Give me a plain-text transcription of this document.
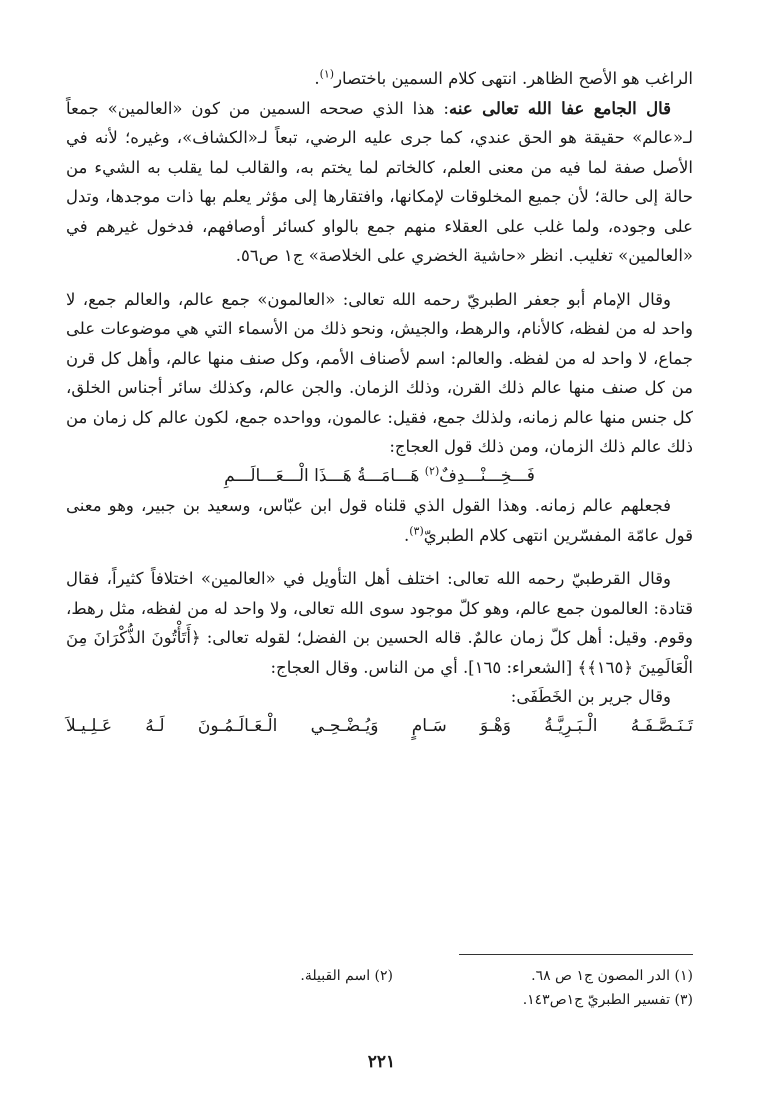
الراغب هو الأصح الظاهر. انتهى كلام السمين باختصار$^{(١)}$.

قال الجامع عفا الله تعالى عنه: هذا الذي صححه السمين من كون «العالمين» جمعاً لـ«عالم» حقيقة هو الحق عندي، كما جرى عليه الرضي، تبعاً لـ«الكشاف»، وغيره؛ لأنه في الأصل صفة لما فيه من معنى العلم، كالخاتم لما يختم به، والقالب لما يقلب به الشيء من حالة إلى حالة؛ لأن جميع المخلوقات لإمكانها، وافتقارها إلى مؤثر يعلم بها ذات موجدها، وتدل على وجوده، ولما غلب على العقلاء منهم جمع بالواو كسائر أوصافهم، فدخول غيرهم في «العالمين» تغليب. انظر «حاشية الخضري على الخلاصة» ج١ ص٥٦.

وقال الإمام أبو جعفر الطبريّ رحمه الله تعالى: «العالمون» جمع عالم، والعالم جمع، لا واحد له من لفظه، كالأنام، والرهط، والجيش، ونحو ذلك من الأسماء التي هي موضوعات على جماع، لا واحد له من لفظه. والعالم: اسم لأصناف الأمم، وكل صنف منها عالم، وأهل كل قرن من كل صنف منها عالم ذلك القرن، وذلك الزمان. والجن عالم، وكذلك سائر أجناس الخلق، كل جنس منها عالم زمانه، ولذلك جمع، فقيل: عالمون، وواحده جمع، لكون عالم كل زمان من ذلك عالم ذلك الزمان، ومن ذلك قول العجاج:

فَـــخِـــنْـــدِفٌ$^{(٢)}$ هَـــامَـــةُ هَـــذَا الْـــعَـــالَـــمِ

فجعلهم عالم زمانه. وهذا القول الذي قلناه قول ابن عبّاس، وسعيد بن جبير، وهو معنى قول عامّة المفسّرين انتهى كلام الطبريّ$^{(٣)}$.

وقال القرطبيّ رحمه الله تعالى: اختلف أهل التأويل في «العالمين» اختلافاً كثيراً، فقال قتادة: العالمون جمع عالم، وهو كلّ موجود سوى الله تعالى، ولا واحد له من لفظه، مثل رهط، وقوم. وقيل: أهل كلّ زمان عالمٌ. قاله الحسين بن الفضل؛ لقوله تعالى: ﴿أَتَأْتُونَ الذُّكْرَانَ مِنَ الْعَالَمِينَ ﴿١٦٥﴾﴾ [الشعراء: ١٦٥]. أي من الناس. وقال العجاج:

وقال جرير بن الخَطَفَى:

تَـنَـصَّـفَـهُ الْـبَـرِيَّـةُ وَهْـوَ سَـامٍ وَيُـضْـحِـي الْـعَـالَـمُـونَ لَـهُ عَـلِـيـلاَ

(١) الدر المصون ج١ ص ٦٨.
(٢) اسم القبيلة.
(٣) تفسير الطبريّ ج١ص١٤٣.
٢٢١
